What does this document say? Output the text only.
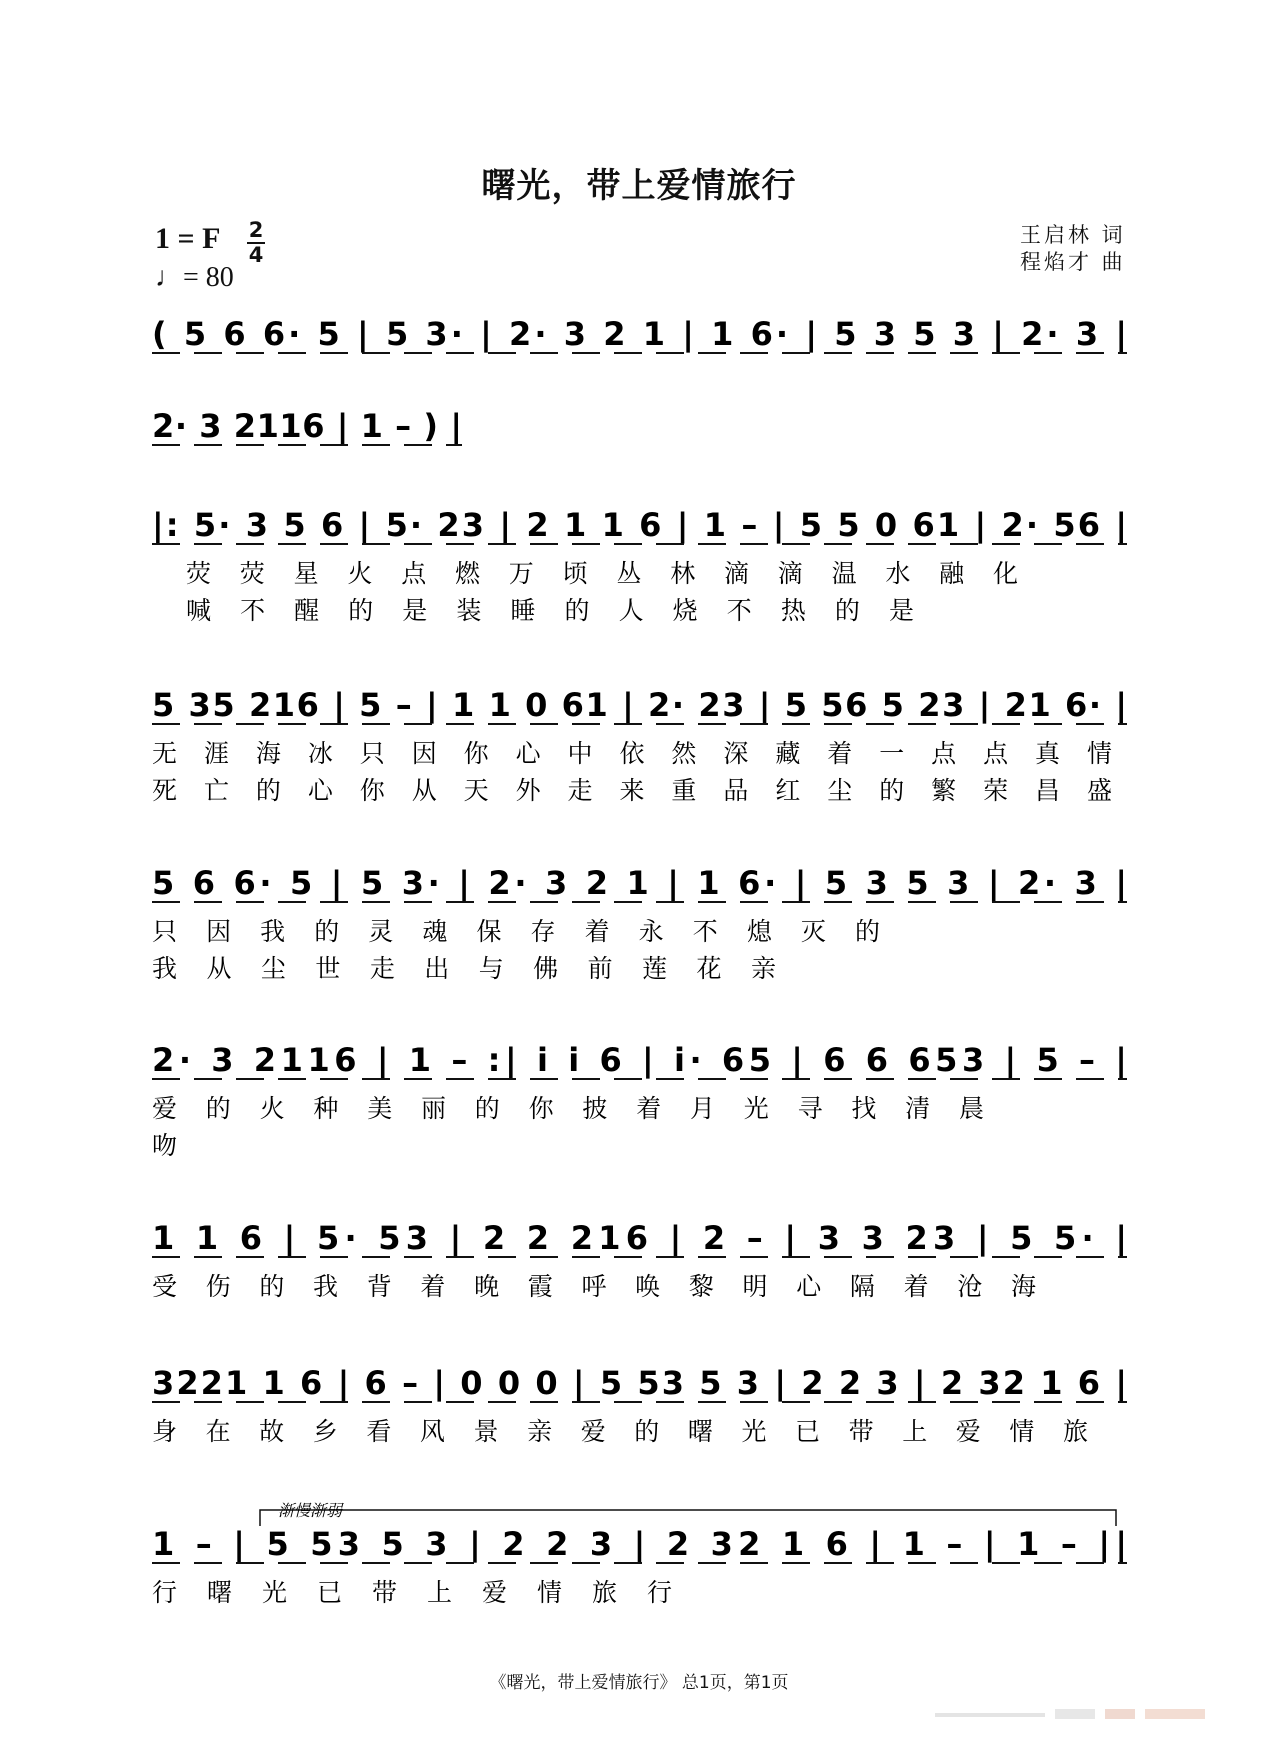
曙光，带上爱情旅行
1 = F 2
4
♩= 80
王启林 词
程焰才 曲
( 5 6 6· 5 | 5 3· | 2· 3 2 1 | 1 6· | 5 3 5 3 | 2· 3 |
2· 3 2116 | 1 – ) |
|: 5· 3 5 6 | 5· 23 | 2 1 1 6 | 1 – | 5 5 0 61 | 2· 56 |
荧荧星火点燃万顷丛林滴滴温水融化
喊不醒的是装睡的人烧不热的是
5 35 216 | 5 – | 1 1 0 61 | 2· 23 | 5 56 5 23 | 21 6· |
无涯海冰只因你心中依然深藏着一点点真情
死亡的心你从天外走来重品红尘的繁荣昌盛
5 6 6· 5 | 5 3· | 2· 3 2 1 | 1 6· | 5 3 5 3 | 2· 3 |
只因我的灵魂保存着永不熄灭的
我从尘世走出与佛前莲花亲
2· 3 2116 | 1 – :| i i 6 | i· 65 | 6 6 653 | 5 – |
爱的火种美丽的你披着月光寻找清晨
吻
1 1 6 | 5· 53 | 2 2 216 | 2 – | 3 3 23 | 5 5· |
受伤的我背着晚霞呼唤黎明心隔着沧海
3221 1 6 | 6 – | 0 0 0 | 5 53 5 3 | 2 2 3 | 2 32 1 6 |
身在故乡看风景亲爱的曙光已带上爱情旅
1 – | 5 53 5 3 | 2 2 3 | 2 32 1 6 | 1 – | 1 – ||
行曙光已带上爱情旅行
渐慢渐弱
《曙光，带上爱情旅行》 总1页，第1页
